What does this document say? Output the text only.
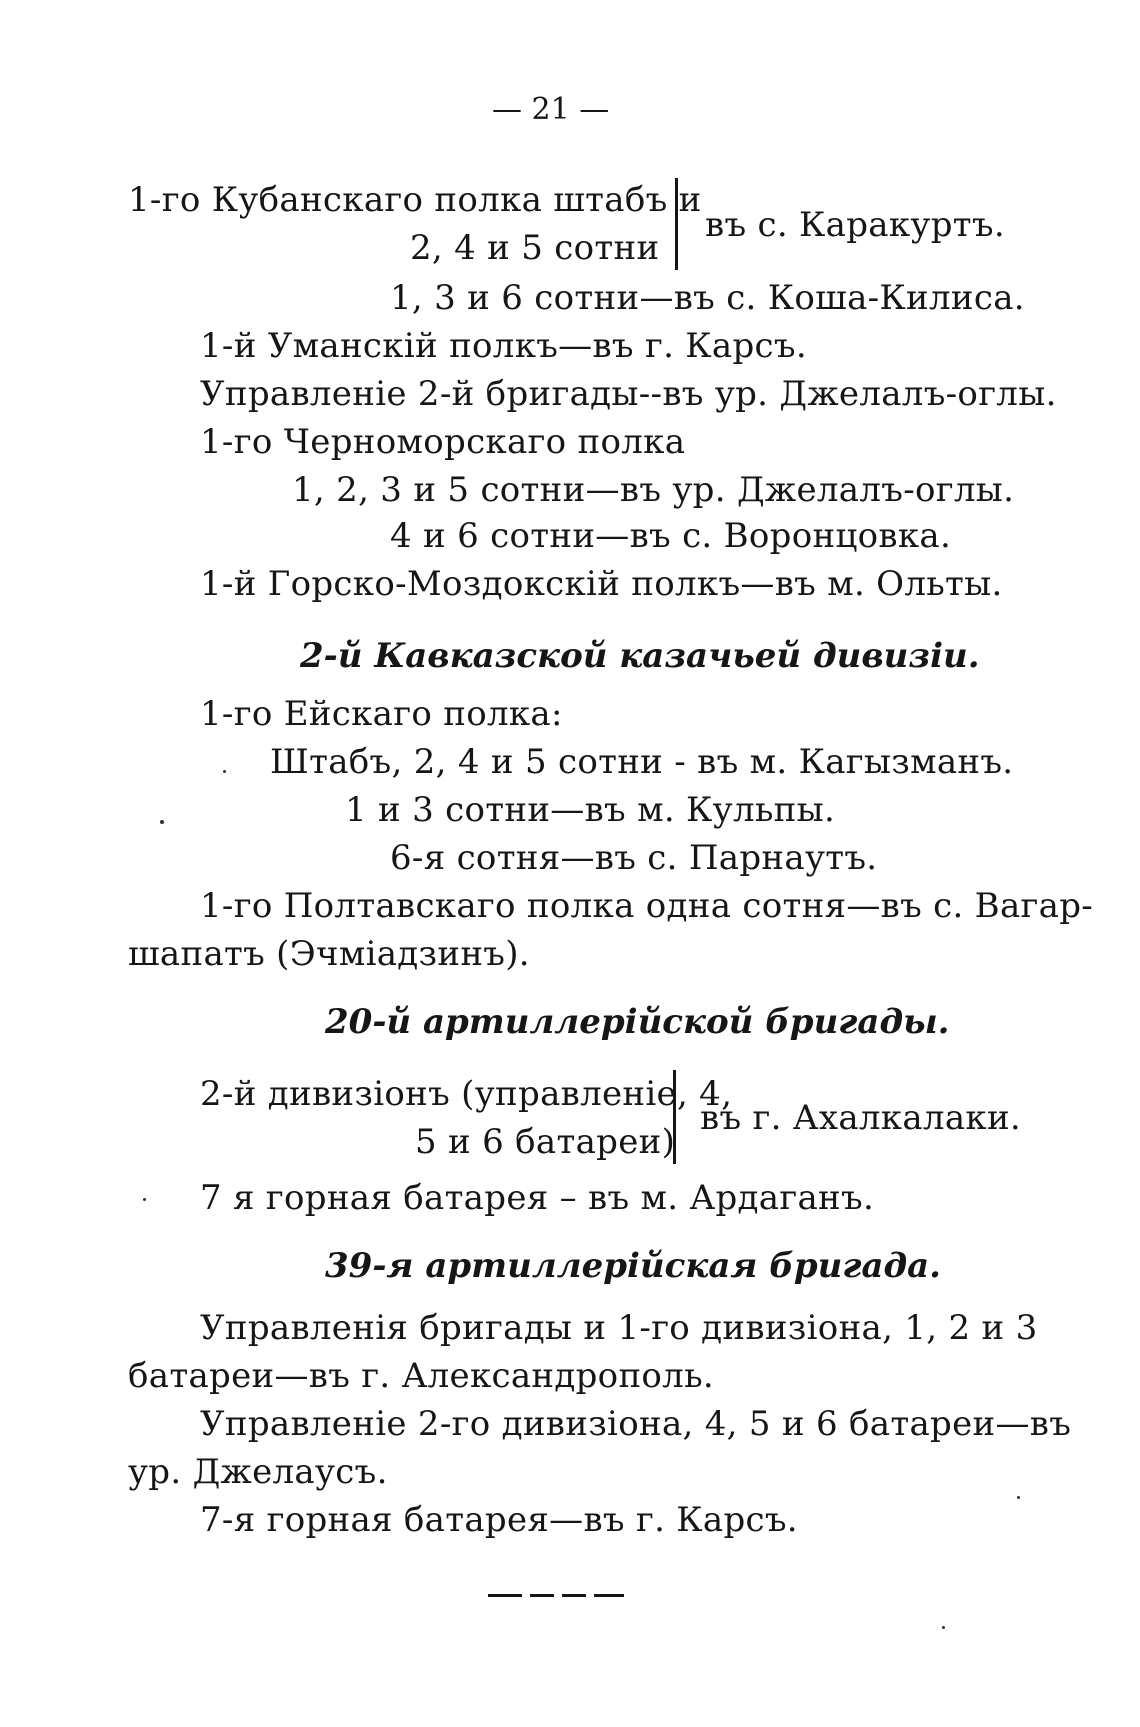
— 21 —
1-го Кубанскаго полка штабъ и
2, 4 и 5 сотни
въ с. Каракуртъ.
1, 3 и 6 сотни—въ с. Коша-Килиса.
1-й Уманскій полкъ—въ г. Карсъ.
Управленіе 2-й бригады--въ ур. Джелалъ-оглы.
1-го Черноморскаго полка
1, 2, 3 и 5 сотни—въ ур. Джелалъ-оглы.
4 и 6 сотни—въ с. Воронцовка.
1-й Горско-Моздокскій полкъ—въ м. Ольты.
2-й Кавказской казачьей дивизіи.
1-го Ейскаго полка:
Штабъ, 2, 4 и 5 сотни - въ м. Кагызманъ.
1 и 3 сотни—въ м. Кульпы.
6-я сотня—въ с. Парнаутъ.
1-го Полтавскаго полка одна сотня—въ с. Вагар-
шапатъ (Эчміадзинъ).
20-й артиллерійской бригады.
2-й дивизіонъ (управленіе, 4,
5 и 6 батареи)
въ г. Ахалкалаки.
7 я горная батарея – въ м. Ардаганъ.
39-я артиллерійская бригада.
Управленія бригады и 1-го дивизіона, 1, 2 и 3
батареи—въ г. Александрополь.
Управленіе 2-го дивизіона, 4, 5 и 6 батареи—въ
ур. Джелаусъ.
7-я горная батарея—въ г. Карсъ.
